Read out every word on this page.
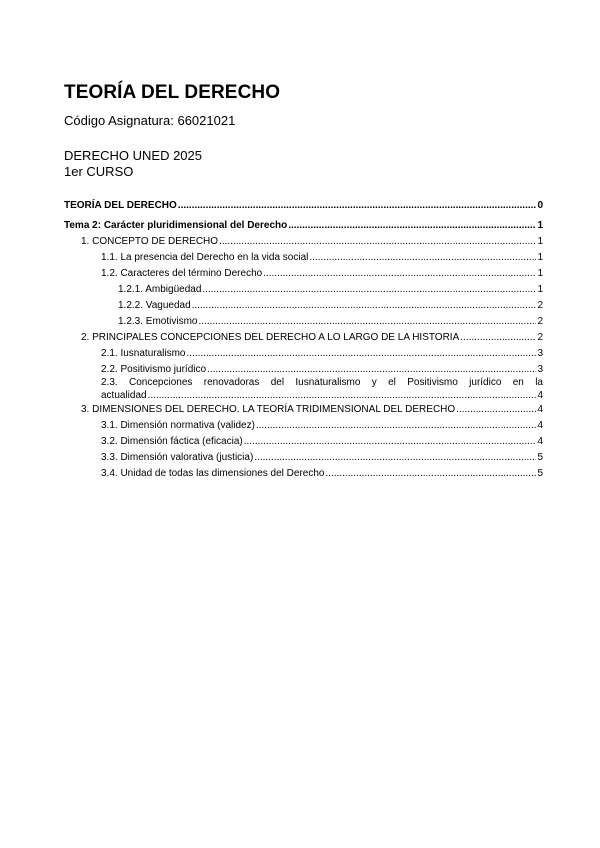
TEORÍA DEL DERECHO

Código Asignatura: 66021021

DERECHO UNED 2025

1er CURSO

TEORÍA DEL DERECHO .....	0
Tema 2: Carácter pluridimensional del Derecho .....	1
1. CONCEPTO DE DERECHO .....	1
1.1. La presencia del Derecho en la vida social .....	1
1.2. Caracteres del término Derecho .....	1
1.2.1. Ambigüedad .....	1
1.2.2. Vaguedad .....	2
1.2.3. Emotivismo .....	2
2. PRINCIPALES CONCEPCIONES DEL DERECHO A LO LARGO DE LA HISTORIA .....	2
2.1. Iusnaturalismo .....	3
2.2. Positivismo jurídico .....	3
2.3. Concepciones renovadoras del Iusnaturalismo y el Positivismo jurídico en la
actualidad .....	4
3. DIMENSIONES DEL DERECHO. LA TEORÍA TRIDIMENSIONAL DEL DERECHO .....	4
3.1. Dimensión normativa (validez) .....	4
3.2. Dimensión fáctica (eficacia) .....	4
3.3. Dimensión valorativa (justicia) .....	5
3.4. Unidad de todas las dimensiones del Derecho .....	5
